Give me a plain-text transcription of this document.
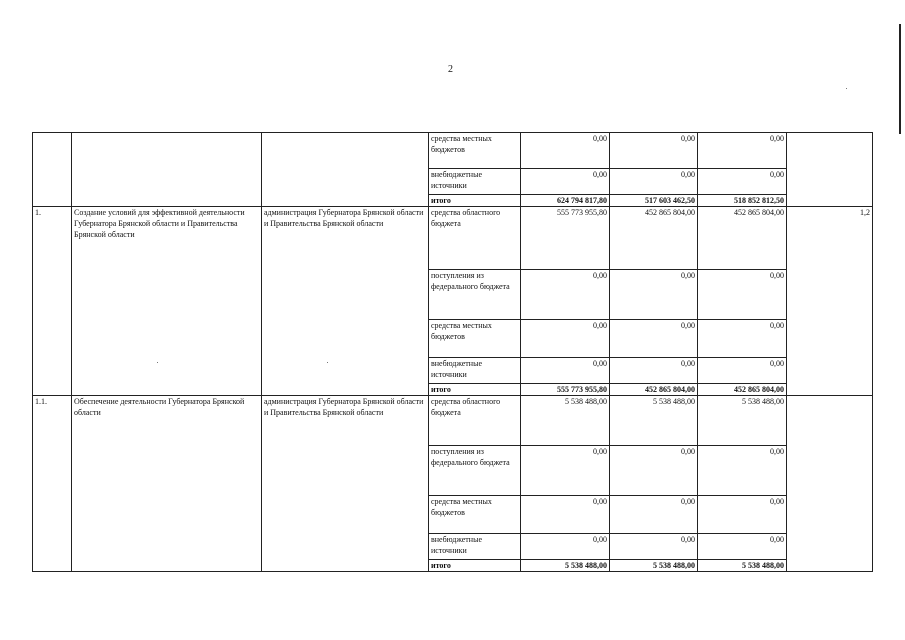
2
			средства местных бюджетов	0,00	0,00	0,00	
			внебюджетные источники	0,00	0,00	0,00	
			итого	624 794 817,80	517 603 462,50	518 852 812,50	
1.	Создание условий для эффективной деятельности Губернатора Брянской области и Правительства Брянской области	администрация Губернатора Брянской области и Правительства Брянской области	средства областного бюджета	555 773 955,80	452 865 804,00	452 865 804,00	1,2
			поступления из федерального бюджета	0,00	0,00	0,00	
			средства местных бюджетов	0,00	0,00	0,00	
			внебюджетные источники	0,00	0,00	0,00	
			итого	555 773 955,80	452 865 804,00	452 865 804,00	
1.1.	Обеспечение деятельности Губернатора Брянской области	администрация Губернатора Брянской области и Правительства Брянской области	средства областного бюджета	5 538 488,00	5 538 488,00	5 538 488,00	
			поступления из федерального бюджета	0,00	0,00	0,00	
			средства местных бюджетов	0,00	0,00	0,00	
			внебюджетные источники	0,00	0,00	0,00	
			итого	5 538 488,00	5 538 488,00	5 538 488,00	
